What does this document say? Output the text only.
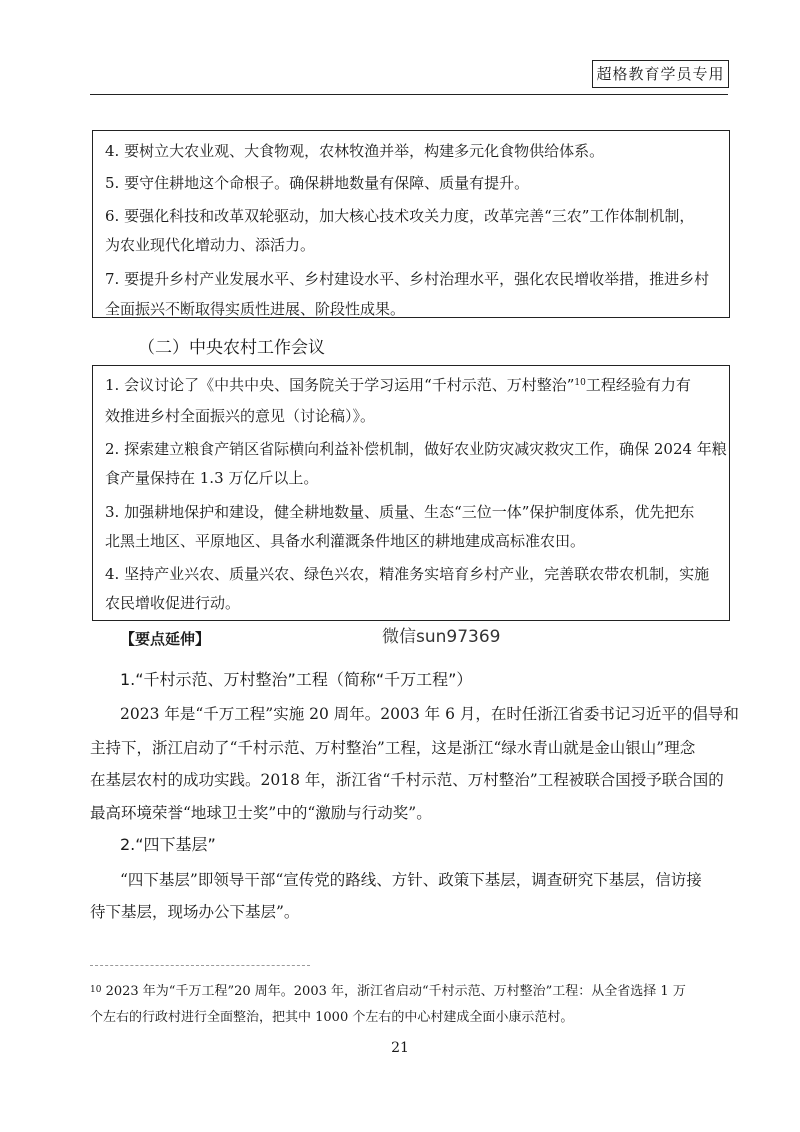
超格教育学员专用
4. 要树立大农业观、大食物观，农林牧渔并举，构建多元化食物供给体系。
5. 要守住耕地这个命根子。确保耕地数量有保障、质量有提升。
6. 要强化科技和改革双轮驱动，加大核心技术攻关力度，改革完善“三农”工作体制机制，
为农业现代化增动力、添活力。
7. 要提升乡村产业发展水平、乡村建设水平、乡村治理水平，强化农民增收举措，推进乡村
全面振兴不断取得实质性进展、阶段性成果。
（二）中央农村工作会议
1. 会议讨论了《中共中央、国务院关于学习运用“千村示范、万村整治”$^{10}$工程经验有力有
效推进乡村全面振兴的意见（讨论稿）》。
2. 探索建立粮食产销区省际横向利益补偿机制，做好农业防灾减灾救灾工作，确保 2024 年粮
食产量保持在 1.3 万亿斤以上。
3. 加强耕地保护和建设，健全耕地数量、质量、生态“三位一体”保护制度体系，优先把东
北黑土地区、平原地区、具备水利灌溉条件地区的耕地建成高标准农田。
4. 坚持产业兴农、质量兴农、绿色兴农，精准务实培育乡村产业，完善联农带农机制，实施
农民增收促进行动。
【要点延伸】	微信sun97369
1.“千村示范、万村整治”工程（简称“千万工程”）
2023 年是“千万工程”实施 20 周年。2003 年 6 月，在时任浙江省委书记习近平的倡导和
主持下，浙江启动了“千村示范、万村整治”工程，这是浙江“绿水青山就是金山银山”理念
在基层农村的成功实践。2018 年，浙江省“千村示范、万村整治”工程被联合国授予联合国的
最高环境荣誉“地球卫士奖”中的“激励与行动奖”。
2.“四下基层”
“四下基层”即领导干部“宣传党的路线、方针、政策下基层，调查研究下基层，信访接
待下基层，现场办公下基层”。
$^{10}$ 2023 年为“千万工程”20 周年。2003 年，浙江省启动“千村示范、万村整治”工程：从全省选择 1 万
个左右的行政村进行全面整治，把其中 1000 个左右的中心村建成全面小康示范村。
21
